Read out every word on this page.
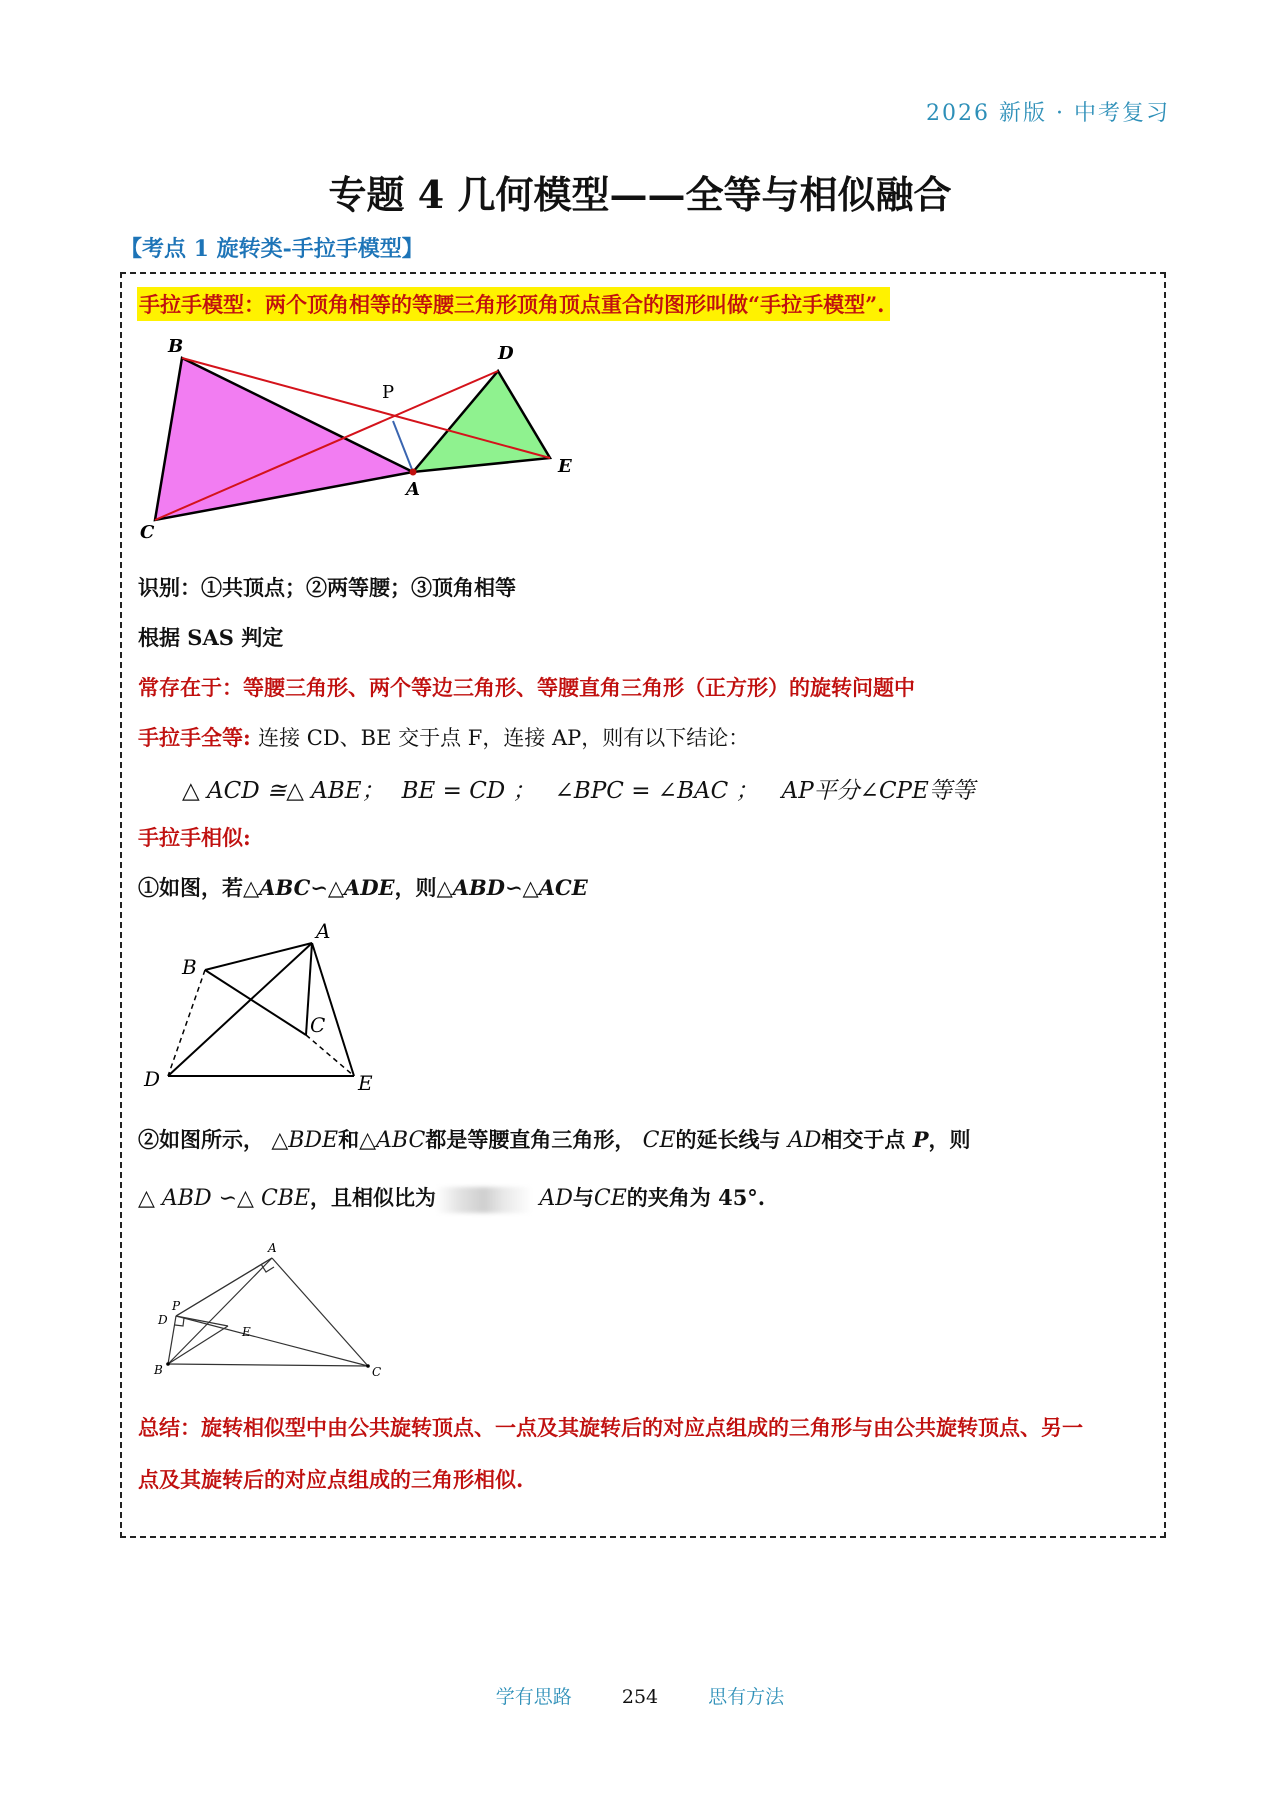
2026 新版 · 中考复习
专题 4 几何模型——全等与相似融合
【考点 1 旋转类-手拉手模型】
手拉手模型：两个顶角相等的等腰三角形顶角顶点重合的图形叫做“手拉手模型”.
B	D
P
A
E
C
识别：①共顶点；②两等腰；③顶角相等
根据 SAS 判定
常存在于：等腰三角形、两个等边三角形、等腰直角三角形（正方形）的旋转问题中
手拉手全等: 连接 CD、BE 交于点 F，连接 AP，则有以下结论：
△ ACD ≅△ ABE； BE = CD ； ∠BPC = ∠BAC ； AP平分∠CPE等等
手拉手相似:
①如图，若△ABC∽△ADE，则△ABD∽△ACE
A
B
C
D	E
②如图所示， △BDE和△ABC都是等腰直角三角形， CE的延长线与 AD相交于点 P，则
△ ABD ∽△ CBE，且相似比为	AD与CE的夹角为 45°.
A
P
D
E
B	C
总结：旋转相似型中由公共旋转顶点、一点及其旋转后的对应点组成的三角形与由公共旋转顶点、另一
点及其旋转后的对应点组成的三角形相似.
学有思路	254	思有方法
